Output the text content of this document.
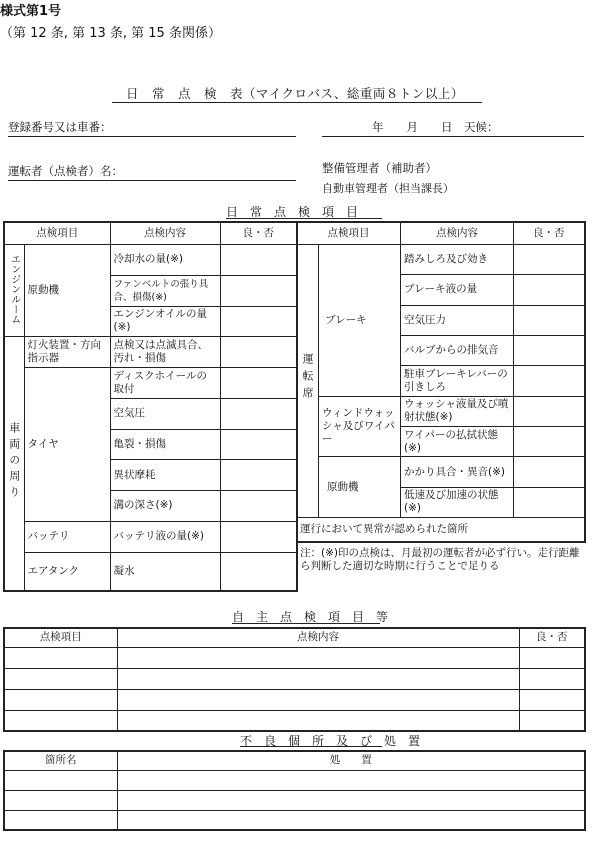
様式第1号
（第 12 条, 第 13 条, 第 15 条関係）
日　常　点　検　表（マイクロバス、総重両８トン以上）
登録番号又は車番：	年　　月　　日 天候：
運転者（点検者）名：	整備管理者（補助者）
自動車管理者（担当課長）
日　常　点　検　項　目
点検項目		点検内容	良・否
エンジンルーム	原動機	冷却水の量(※)	
		ファンベルトの張り具合、損傷(※)	
		エンジンオイルの量(※)	
車両の周り	灯火装置・方向指示器	点検又は点滅具合、汚れ・損傷	
	タイヤ	ディスクホイールの取付	
		空気圧	
		亀裂・損傷	
		異状摩耗	
		溝の深さ(※)	
	バッテリ	バッテリ液の量(※)	
	エアタンク	凝水	
点検項目		点検内容	良・否
運転席	ブレーキ	踏みしろ及び効き	
		ブレーキ液の量	
		空気圧力	
		バルブからの排気音	
		駐車ブレーキレバーの引きしろ	
	ウィンドウォッシャ及びワイパー	ウォッシャ液量及び噴射状態(※)	
		ワイパーの払拭状態(※)	
	原動機	かかり具合・異音(※)	
		低速及び加速の状態(※)	
運行において異常が認められた箇所			
注：(※)印の点検は、月最初の運転者が必ず行い。走行距離ら判断した適切な時期に行うことで足りる
自　主　点　検　項　目　等
点検項目	点検内容	良・否

不　良　個　所　及　び　処　置
箇所名	処　　置
